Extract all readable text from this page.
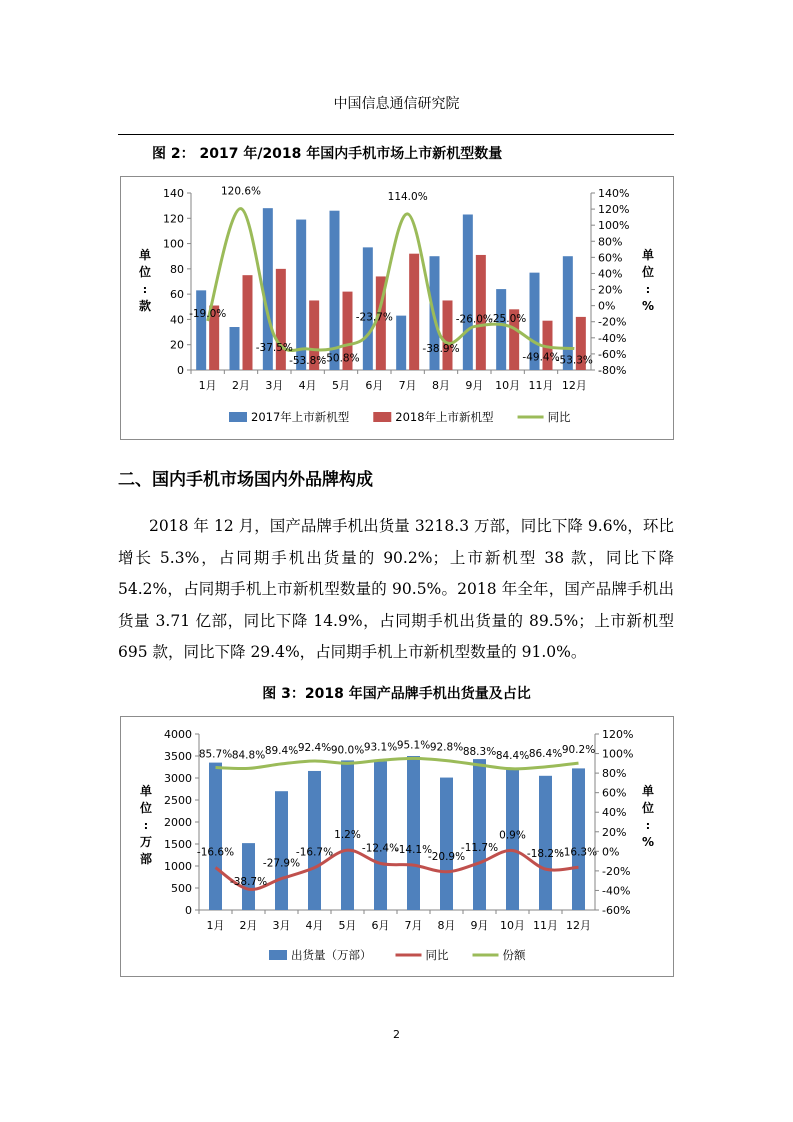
中国信息通信研究院
图 2： 2017 年/2018 年国内手机市场上市新机型数量
0
20
40
60
80
100
120
140
-80%
-60%
-40%
-20%
0%
20%
40%
60%
80%
100%
120%
140%
1月 2月 3月 4月 5月 6月 7月 8月 9月 10月 11月 12月
-19.0%
120.6%
-37.5%
-53.8%
-50.8%
-23.7%
114.0%
-38.9%
-26.0%
-25.0%
-49.4%
-53.3%
单
位
:
款
单
位
:
%
2017年上市新机型	2018年上市新机型	同比
二、国内手机市场国内外品牌构成

2018 年 12 月，国产品牌手机出货量 3218.3 万部，同比下降 9.6%，环比增长 5.3%，占同期手机出货量的 90.2%；上市新机型 38 款，同比下降 54.2%，占同期手机上市新机型数量的 90.5%。2018 年全年，国产品牌手机出货量 3.71 亿部，同比下降 14.9%，占同期手机出货量的 89.5%；上市新机型 695 款，同比下降 29.4%，占同期手机上市新机型数量的 91.0%。

图 3：2018 年国产品牌手机出货量及占比
0
500
1000
1500
2000
2500
3000
3500
4000
-60%
-40%
-20%
0%
20%
40%
60%
80%
100%
120%
1月 2月 3月 4月 5月 6月 7月 8月 9月 10月 11月 12月
-16.6%
-38.7%
-27.9%
-16.7%
1.2%
-12.4%
-14.1%
-20.9%
-11.7%
0.9%
-18.2%
-16.3%
85.7% 84.8% 89.4% 92.4% 90.0% 93.1% 95.1% 92.8% 88.3% 84.4% 86.4% 90.2%
单
位
:
万
部
单
位
:
%
出货量（万部）	同比	份额
2
